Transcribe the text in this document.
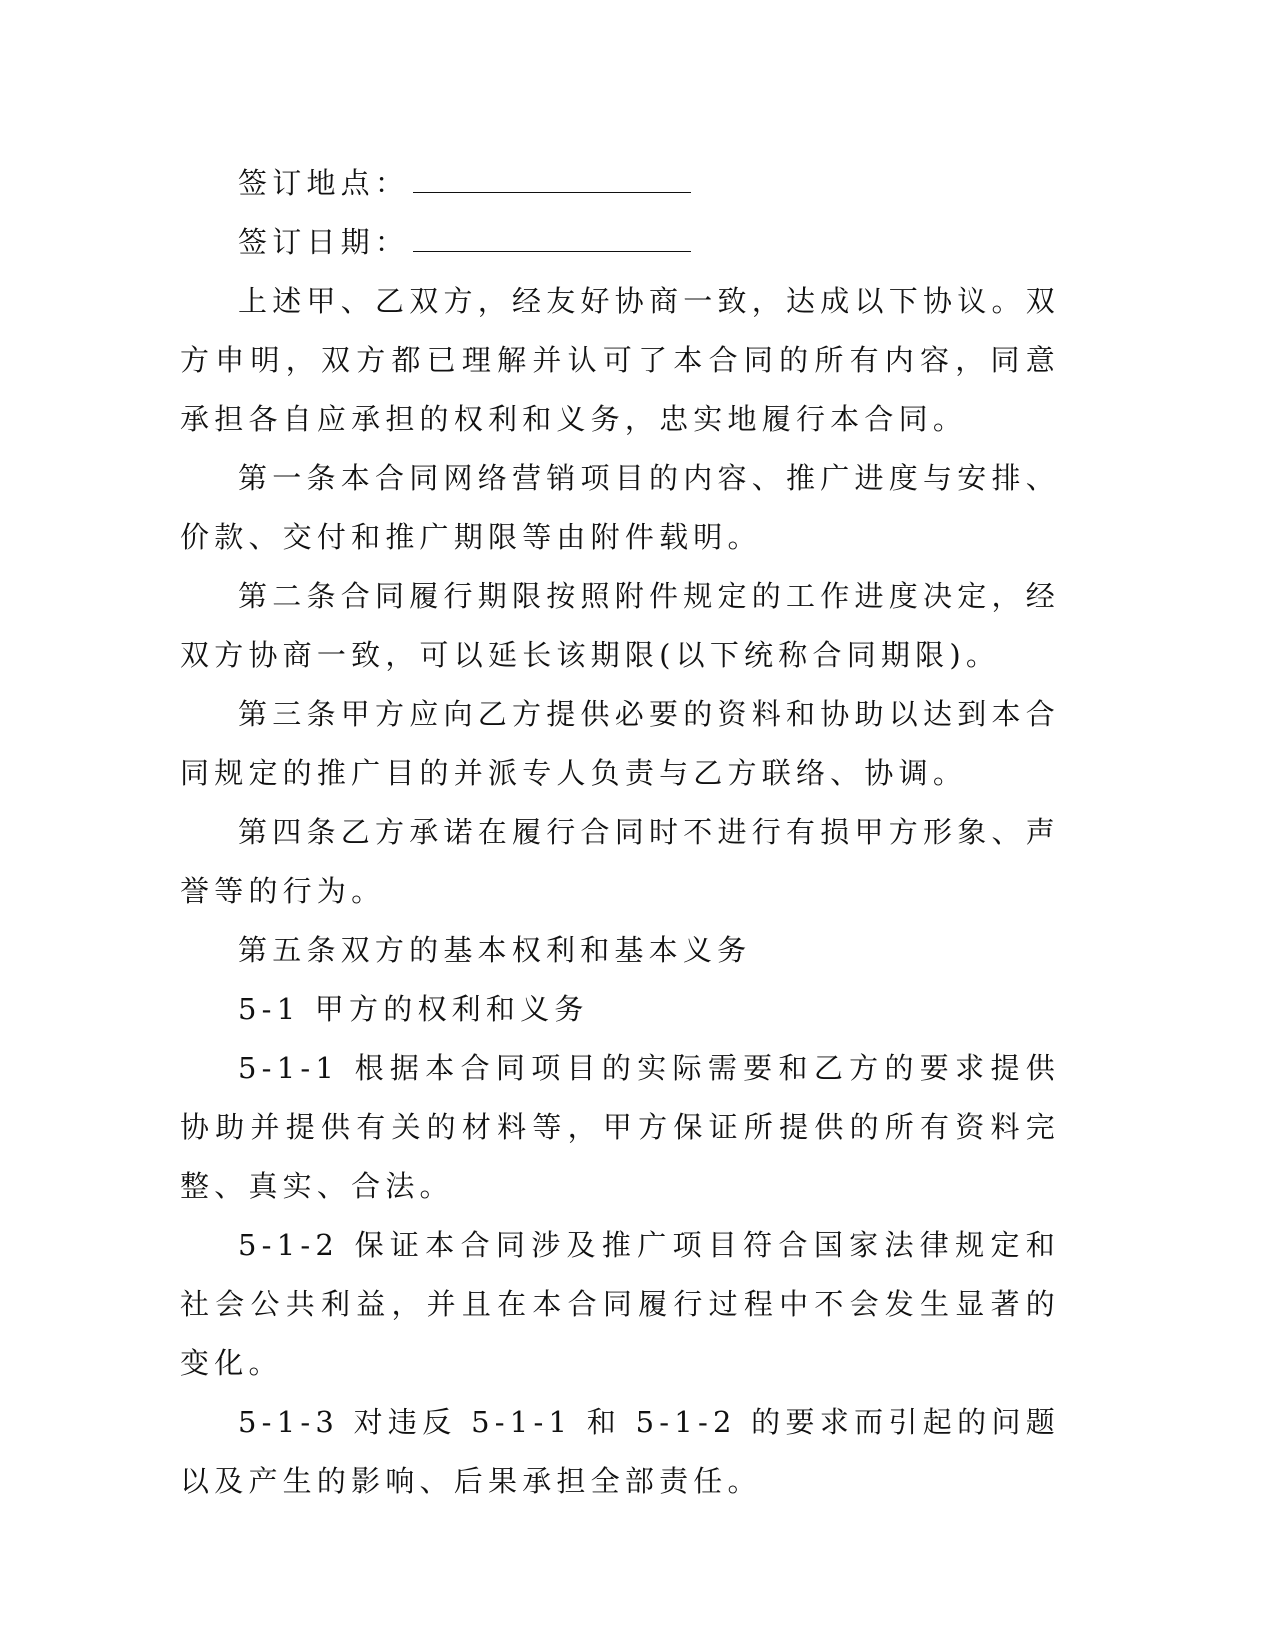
签订地点：
签订日期：

上述甲、乙双方，经友好协商一致，达成以下协议。双方申明，双方都已理解并认可了本合同的所有内容，同意承担各自应承担的权利和义务，忠实地履行本合同。

第一条本合同网络营销项目的内容、推广进度与安排、价款、交付和推广期限等由附件载明。

第二条合同履行期限按照附件规定的工作进度决定，经双方协商一致，可以延长该期限(以下统称合同期限)。

第三条甲方应向乙方提供必要的资料和协助以达到本合同规定的推广目的并派专人负责与乙方联络、协调。

第四条乙方承诺在履行合同时不进行有损甲方形象、声誉等的行为。

第五条双方的基本权利和基本义务

5-1 甲方的权利和义务

5-1-1 根据本合同项目的实际需要和乙方的要求提供协助并提供有关的材料等，甲方保证所提供的所有资料完整、真实、合法。

5-1-2 保证本合同涉及推广项目符合国家法律规定和社会公共利益，并且在本合同履行过程中不会发生显著的变化。

5-1-3 对违反 5-1-1 和 5-1-2 的要求而引起的问题以及产生的影响、后果承担全部责任。
